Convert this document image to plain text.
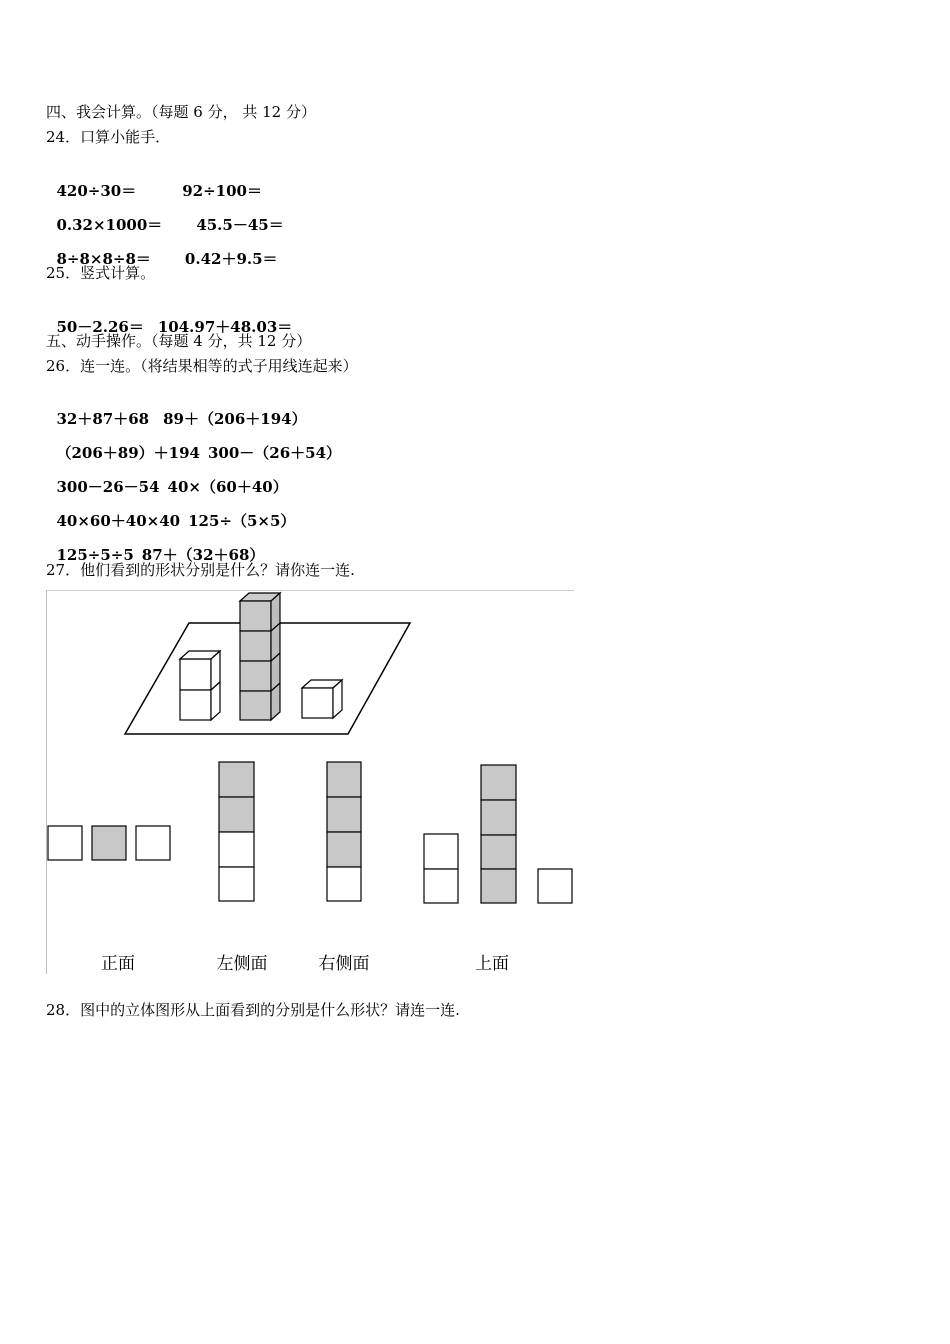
四、我会计算。（每题 6 分， 共 12 分）
24．口算小能手．

420÷30＝	92÷100＝

0.32×1000＝ 45.5－45＝

8÷8×8÷8＝ 0.42＋9.5＝

25．竖式计算。

50－2.26＝ 104.97＋48.03＝

五、动手操作。（每题 4 分，共 12 分）
26．连一连。（将结果相等的式子用线连起来）

32＋87＋68 89＋（206＋194）

（206＋89）＋194 300－（26＋54）

300－26－54 40×（60＋40）

40×60＋40×40 125÷（5×5）

125÷5÷5 87＋（32＋68）

27．他们看到的形状分别是什么？请你连一连.
正面	左侧面	右侧面	上面
28．图中的立体图形从上面看到的分别是什么形状？请连一连.
